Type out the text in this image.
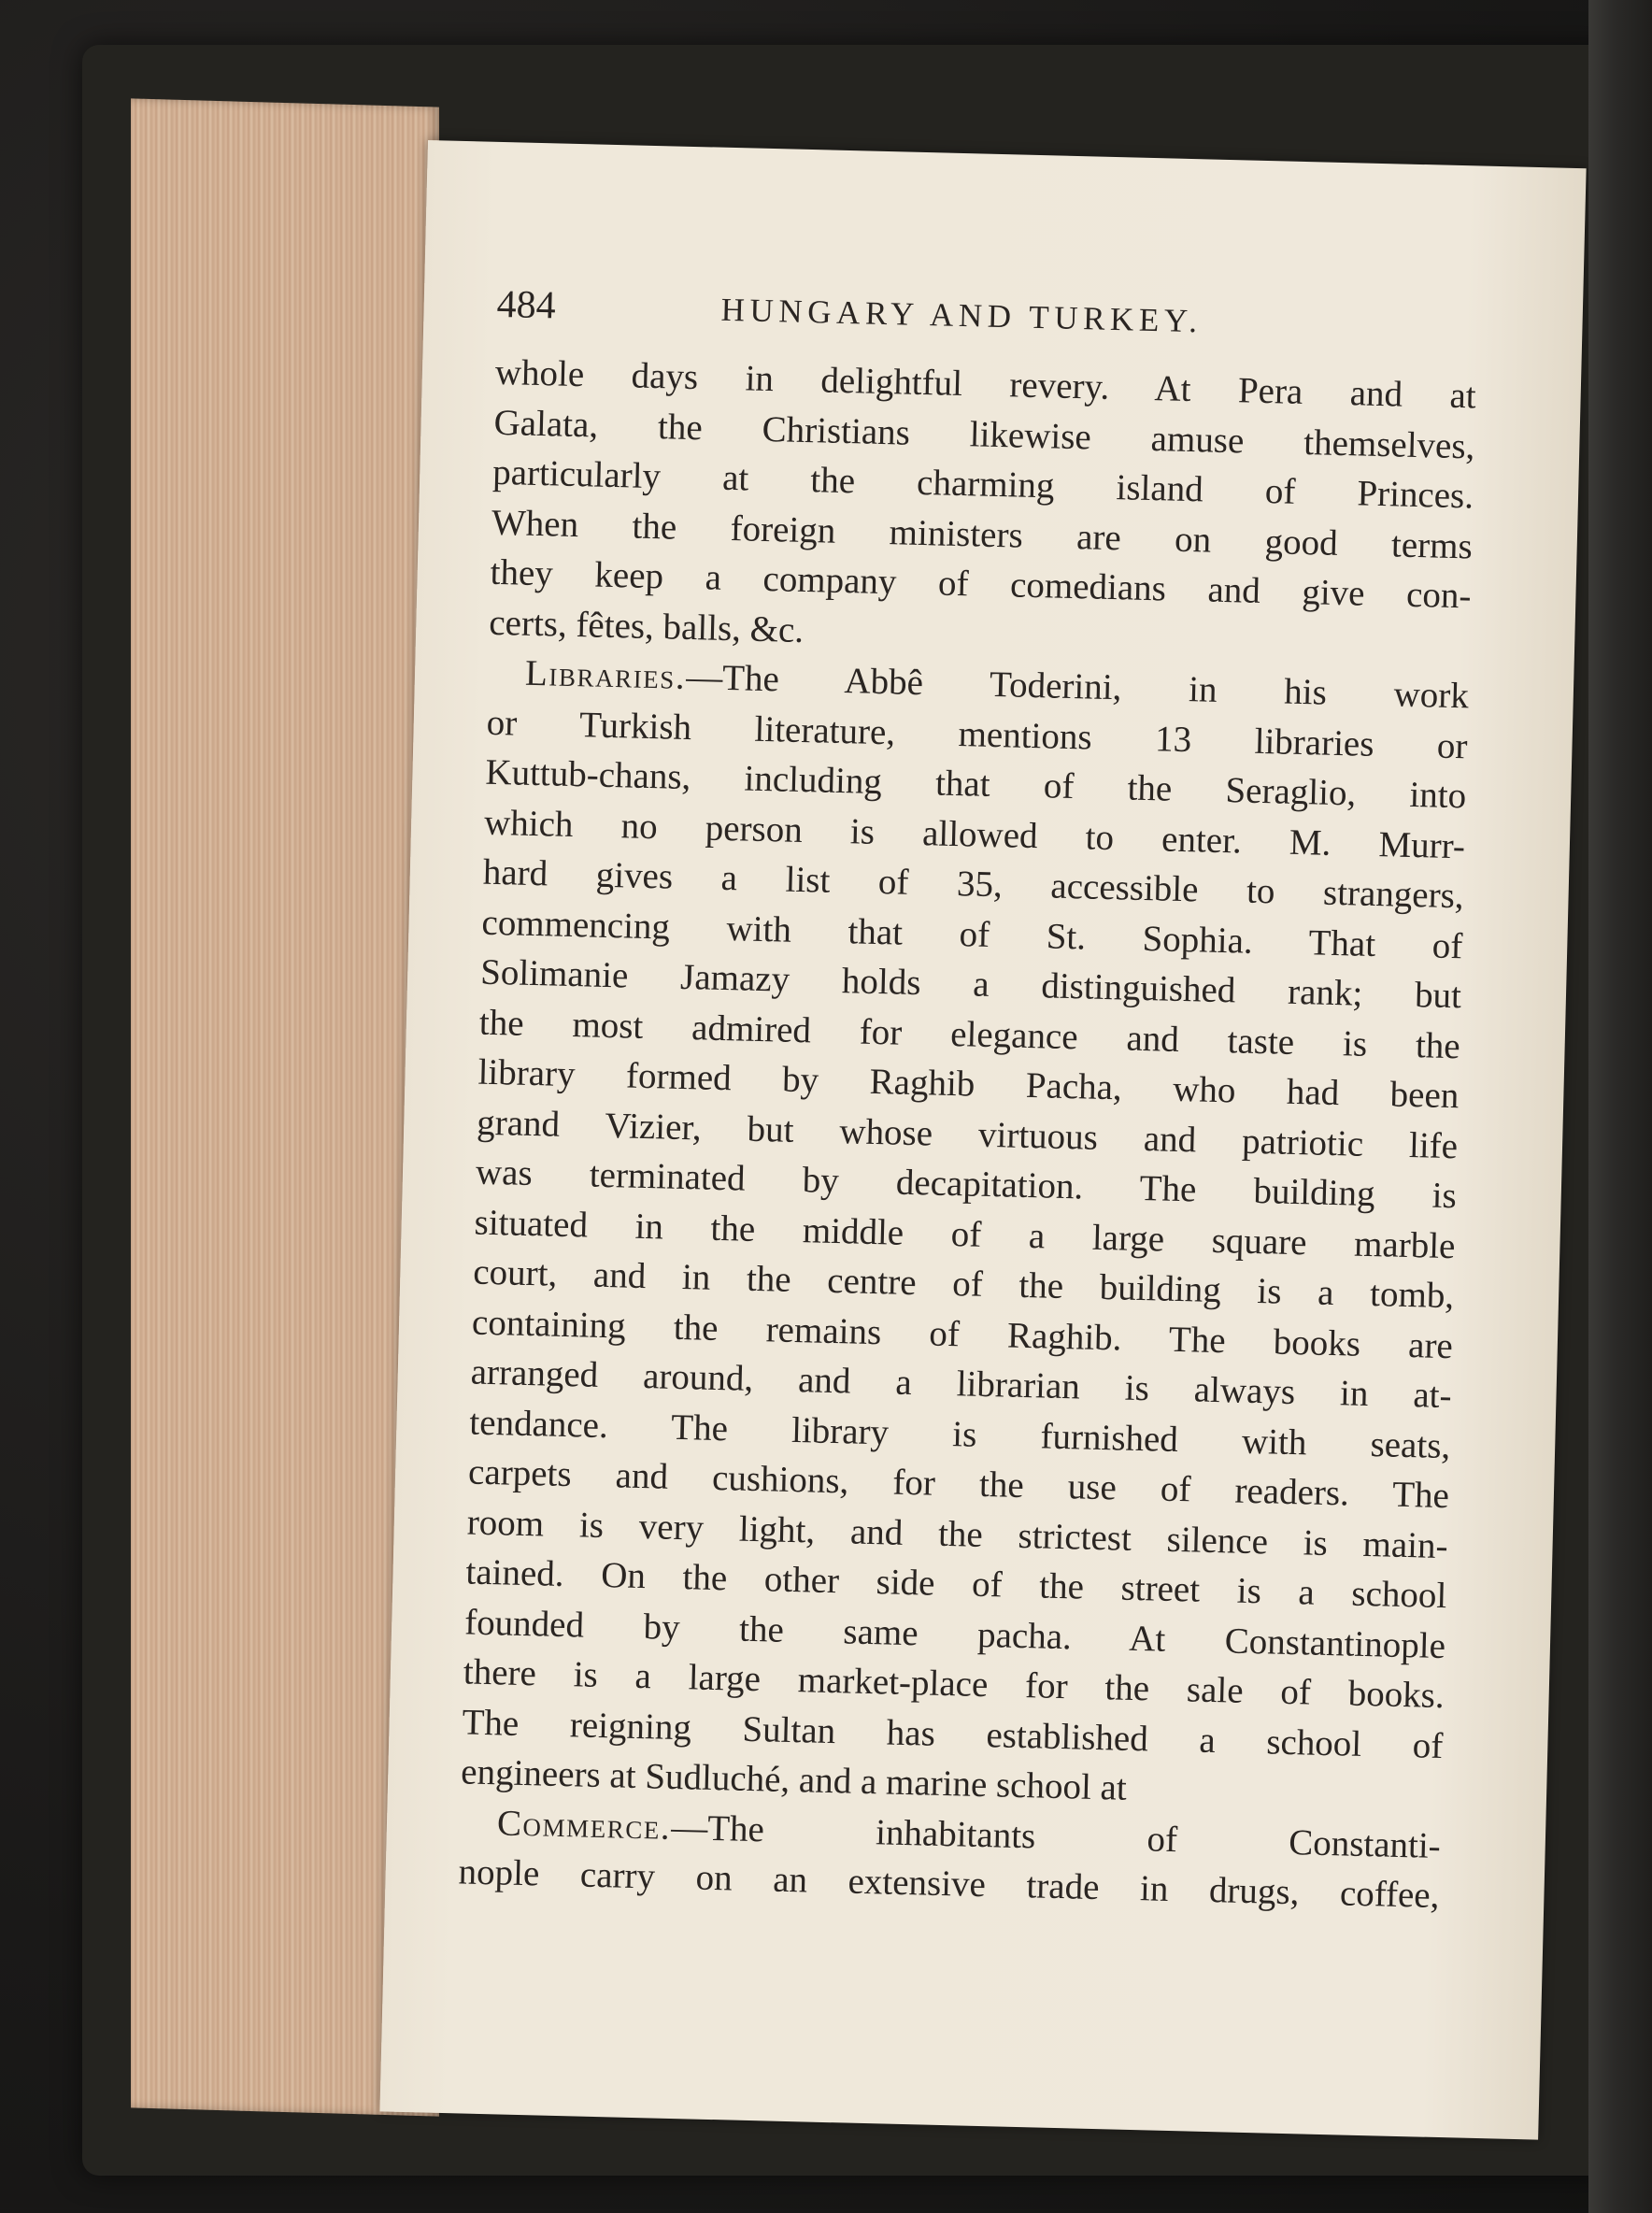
484	HUNGARY AND TURKEY.
whole days in delightful revery. At Pera and at
Galata, the Christians likewise amuse themselves,
particularly at the charming island of Princes.
When the foreign ministers are on good terms
they keep a company of comedians and give con-
certs, fêtes, balls, &c.
Libraries.—The Abbê Toderini, in his work
or Turkish literature, mentions 13 libraries or
Kuttub-chans, including that of the Seraglio, into
which no person is allowed to enter. M. Murr-
hard gives a list of 35, accessible to strangers,
commencing with that of St. Sophia. That of
Solimanie Jamazy holds a distinguished rank; but
the most admired for elegance and taste is the
library formed by Raghib Pacha, who had been
grand Vizier, but whose virtuous and patriotic life
was terminated by decapitation. The building is
situated in the middle of a large square marble
court, and in the centre of the building is a tomb,
containing the remains of Raghib. The books are
arranged around, and a librarian is always in at-
tendance. The library is furnished with seats,
carpets and cushions, for the use of readers. The
room is very light, and the strictest silence is main-
tained. On the other side of the street is a school
founded by the same pacha. At Constantinople
there is a large market-place for the sale of books.
The reigning Sultan has established a school of
engineers at Sudluché, and a marine school at
Commerce.—The inhabitants of Constanti-
nople carry on an extensive trade in drugs, coffee,
